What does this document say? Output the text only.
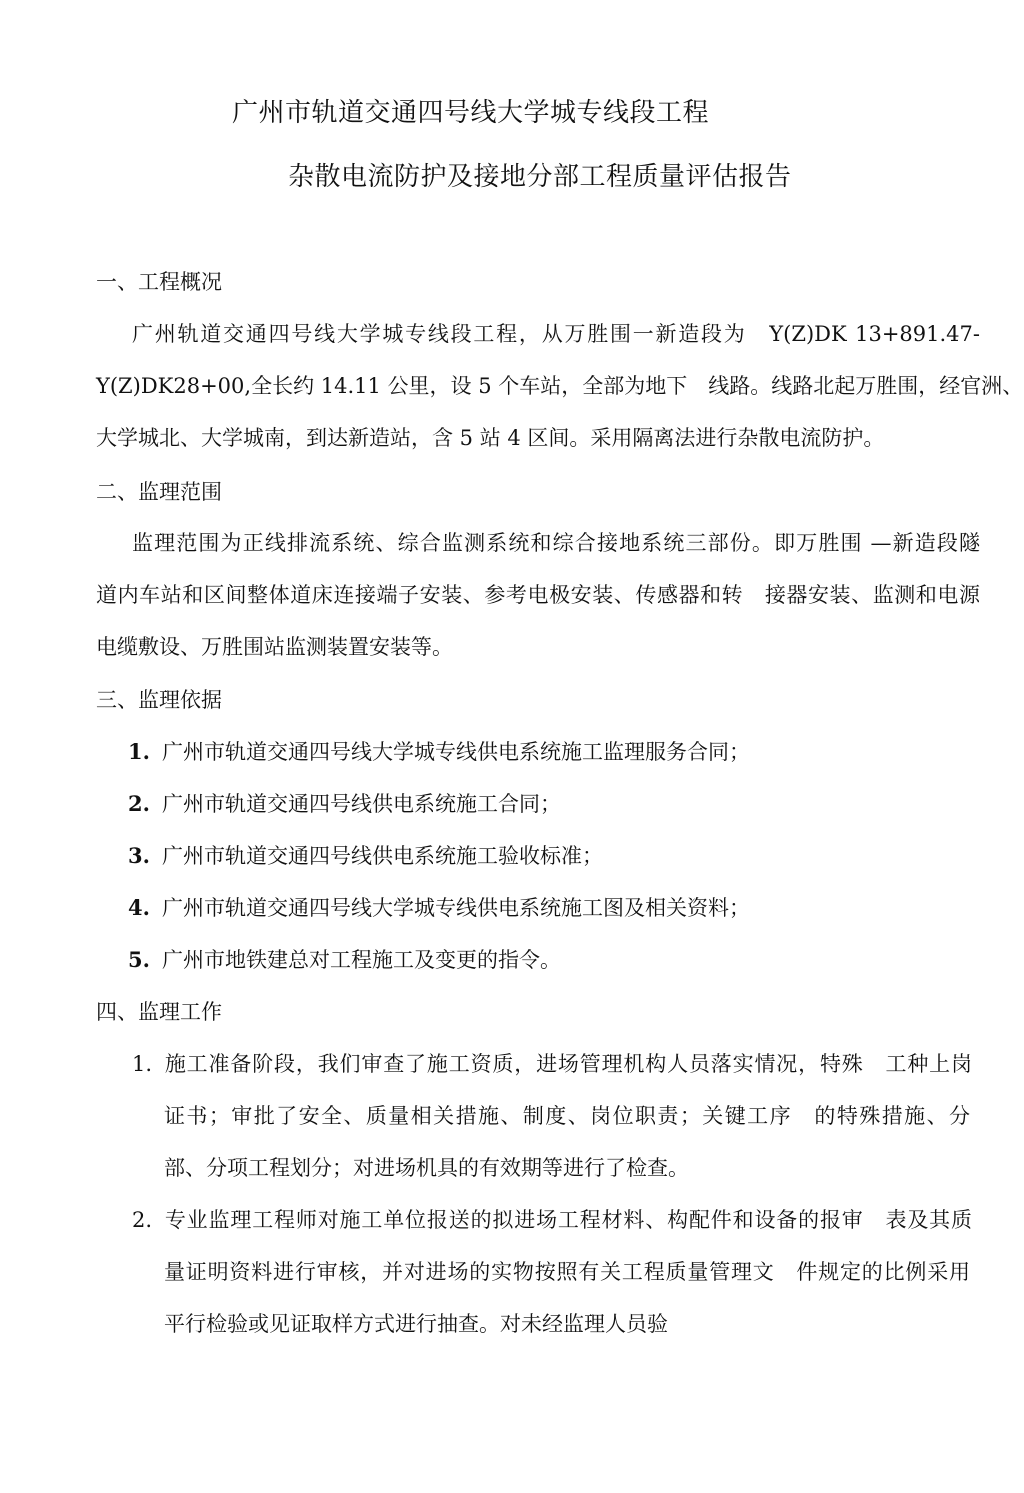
广州市轨道交通四号线大学城专线段工程
杂散电流防护及接地分部工程质量评估报告
一、工程概况
广州轨道交通四号线大学城专线段工程，从万胜围一新造段为　Y(Z)DK 13+891.47-
Y(Z)DK28+00,全长约 14.11 公里，设 5 个车站，全部为地下　线路。线路北起万胜围，经官洲、
大学城北、大学城南，到达新造站，含 5 站 4 区间。采用隔离法进行杂散电流防护。
二、监理范围
监理范围为正线排流系统、综合监测系统和综合接地系统三部份。即万胜围 —新造段隧
道内车站和区间整体道床连接端子安装、参考电极安装、传感器和转　接器安装、监测和电源
电缆敷设、万胜围站监测装置安装等。
三、监理依据
1. 广州市轨道交通四号线大学城专线供电系统施工监理服务合同；
2. 广州市轨道交通四号线供电系统施工合同；
3. 广州市轨道交通四号线供电系统施工验收标准；
4. 广州市轨道交通四号线大学城专线供电系统施工图及相关资料；
5. 广州市地铁建总对工程施工及变更的指令。
四、监理工作
1. 施工准备阶段，我们审查了施工资质，进场管理机构人员落实情况，特殊　工种上岗
证书；审批了安全、质量相关措施、制度、岗位职责；关键工序　的特殊措施、分
部、分项工程划分；对进场机具的有效期等进行了检查。
2. 专业监理工程师对施工单位报送的拟进场工程材料、构配件和设备的报审　表及其质
量证明资料进行审核，并对进场的实物按照有关工程质量管理文　件规定的比例采用
平行检验或见证取样方式进行抽查。对未经监理人员验
